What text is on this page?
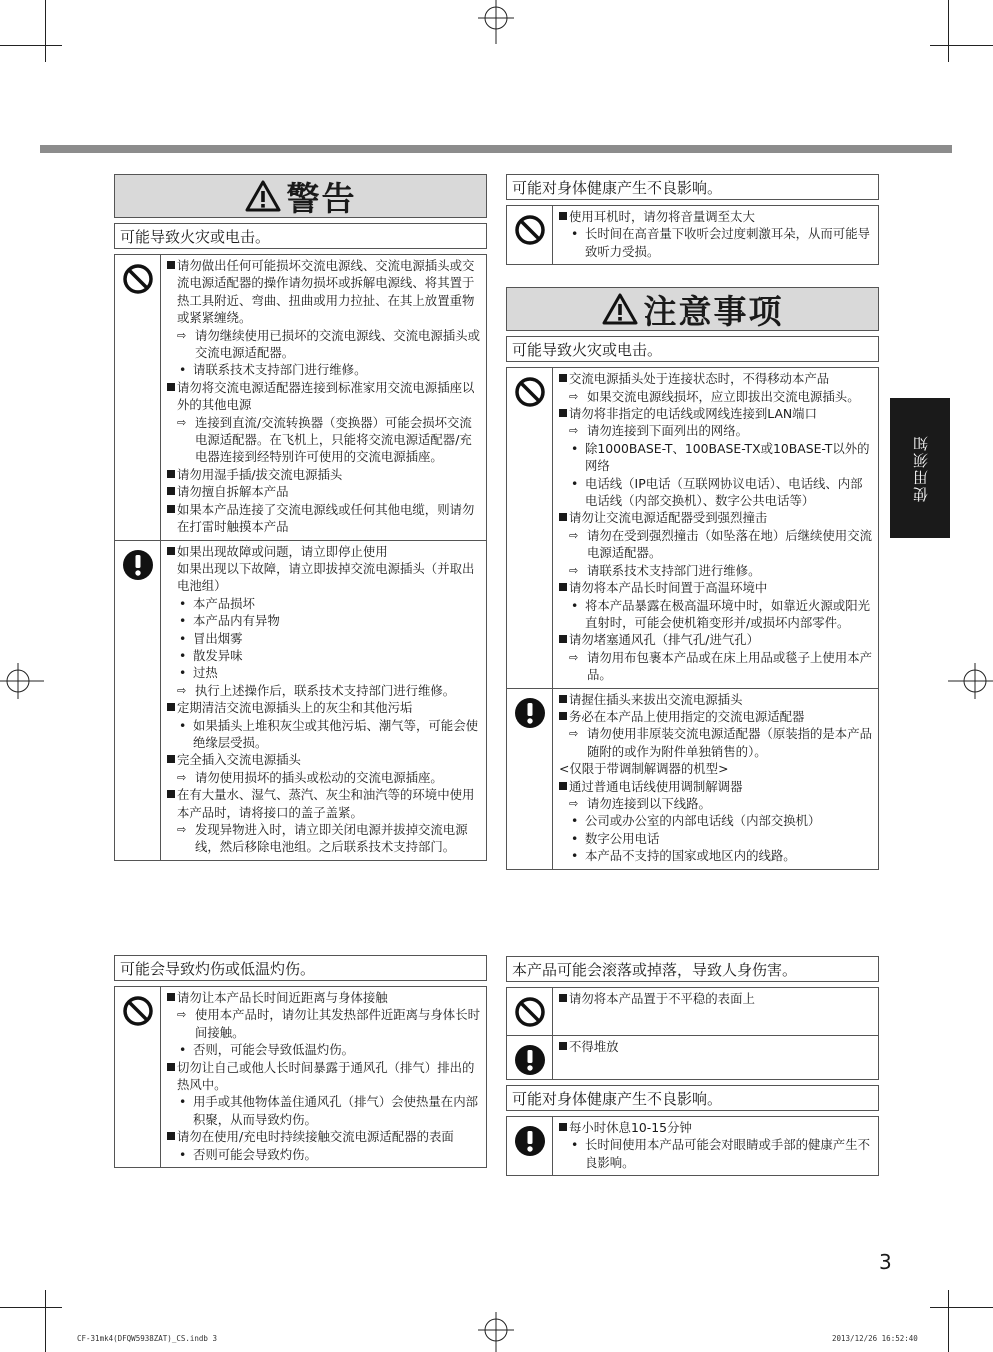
警告
可能导致火灾或电击。
请勿做出任何可能损坏交流电源线、交流电源插头或交流电源适配器的操作请勿损坏或拆解电源线、将其置于热工具附近、弯曲、扭曲或用力拉扯、在其上放置重物或紧紧缠绕。
⇨ 请勿继续使用已损坏的交流电源线、交流电源插头或交流电源适配器。
• 请联系技术支持部门进行维修。
请勿将交流电源适配器连接到标准家用交流电源插座以外的其他电源
⇨ 连接到直流/交流转换器（变换器）可能会损坏交流电源适配器。在飞机上，只能将交流电源适配器/充电器连接到经特别许可使用的交流电源插座。
请勿用湿手插/拔交流电源插头
请勿擅自拆解本产品
如果本产品连接了交流电源线或任何其他电缆，则请勿在打雷时触摸本产品
如果出现故障或问题，请立即停止使用
如果出现以下故障，请立即拔掉交流电源插头（并取出电池组）
• 本产品损坏
• 本产品内有异物
• 冒出烟雾
• 散发异味
• 过热
⇨ 执行上述操作后，联系技术支持部门进行维修。
定期清洁交流电源插头上的灰尘和其他污垢
• 如果插头上堆积灰尘或其他污垢、潮气等，可能会使绝缘层受损。
完全插入交流电源插头
⇨ 请勿使用损坏的插头或松动的交流电源插座。
在有大量水、湿气、蒸汽、灰尘和油汽等的环境中使用本产品时，请将接口的盖子盖紧。
⇨ 发现异物进入时，请立即关闭电源并拔掉交流电源线，然后移除电池组。之后联系技术支持部门。
可能会导致灼伤或低温灼伤。
请勿让本产品长时间近距离与身体接触
⇨ 使用本产品时，请勿让其发热部件近距离与身体长时间接触。
• 否则，可能会导致低温灼伤。
切勿让自己或他人长时间暴露于通风孔（排气）排出的热风中。
• 用手或其他物体盖住通风孔（排气）会使热量在内部积聚，从而导致灼伤。
请勿在使用/充电时持续接触交流电源适配器的表面
• 否则可能会导致灼伤。
可能对身体健康产生不良影响。
使用耳机时，请勿将音量调至太大
• 长时间在高音量下收听会过度刺激耳朵，从而可能导致听力受损。
注意事项
可能导致火灾或电击。
交流电源插头处于连接状态时，不得移动本产品
⇨ 如果交流电源线损坏，应立即拔出交流电源插头。
请勿将非指定的电话线或网线连接到LAN端口
⇨ 请勿连接到下面列出的网络。
• 除1000BASE-T、100BASE-TX或10BASE-T以外的网络
• 电话线（IP电话（互联网协议电话）、电话线、内部电话线（内部交换机）、数字公共电话等）
请勿让交流电源适配器受到强烈撞击
⇨ 请勿在受到强烈撞击（如坠落在地）后继续使用交流电源适配器。
⇨ 请联系技术支持部门进行维修。
请勿将本产品长时间置于高温环境中
• 将本产品暴露在极高温环境中时，如靠近火源或阳光直射时，可能会使机箱变形并/或损坏内部零件。
请勿堵塞通风孔（排气孔/进气孔）
⇨ 请勿用布包裹本产品或在床上用品或毯子上使用本产品。
请握住插头来拔出交流电源插头
务必在本产品上使用指定的交流电源适配器
⇨ 请勿使用非原装交流电源适配器（原装指的是本产品随附的或作为附件单独销售的）。
<仅限于带调制解调器的机型>
通过普通电话线使用调制解调器
⇨ 请勿连接到以下线路。
• 公司或办公室的内部电话线（内部交换机）
• 数字公用电话
• 本产品不支持的国家或地区内的线路。
本产品可能会滚落或掉落，导致人身伤害。
请勿将本产品置于不平稳的表面上
不得堆放
可能对身体健康产生不良影响。
每小时休息10-15分钟
• 长时间使用本产品可能会对眼睛或手部的健康产生不良影响。
使用须知
3
CF-31mk4(DFQW5938ZAT)_CS.indb 3	2013/12/26 16:52:40
